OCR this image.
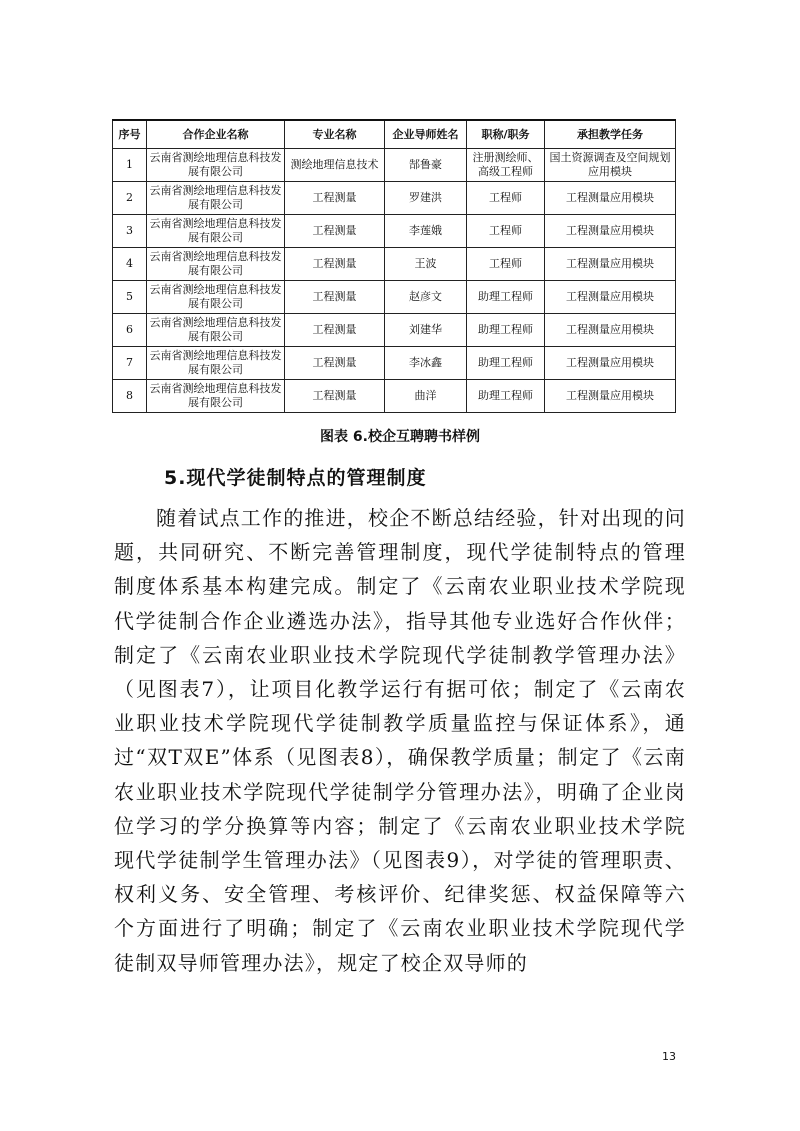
序号	合作企业名称	专业名称	企业导师姓名	职称/职务	承担教学任务
1	云南省测绘地理信息科技发展有限公司	测绘地理信息技术	郜鲁豪	注册测绘师、高级工程师	国土资源调查及空间规划应用模块
2	云南省测绘地理信息科技发展有限公司	工程测量	罗建洪	工程师	工程测量应用模块
3	云南省测绘地理信息科技发展有限公司	工程测量	李莲娥	工程师	工程测量应用模块
4	云南省测绘地理信息科技发展有限公司	工程测量	王波	工程师	工程测量应用模块
5	云南省测绘地理信息科技发展有限公司	工程测量	赵彦文	助理工程师	工程测量应用模块
6	云南省测绘地理信息科技发展有限公司	工程测量	刘建华	助理工程师	工程测量应用模块
7	云南省测绘地理信息科技发展有限公司	工程测量	李冰鑫	助理工程师	工程测量应用模块
8	云南省测绘地理信息科技发展有限公司	工程测量	曲洋	助理工程师	工程测量应用模块
图表 6.校企互聘聘书样例
5.现代学徒制特点的管理制度

随着试点工作的推进，校企不断总结经验，针对出现的问题，共同研究、不断完善管理制度，现代学徒制特点的管理制度体系基本构建完成。制定了《云南农业职业技术学院现代学徒制合作企业遴选办法》，指导其他专业选好合作伙伴；制定了《云南农业职业技术学院现代学徒制教学管理办法》（见图表7），让项目化教学运行有据可依；制定了《云南农业职业技术学院现代学徒制教学质量监控与保证体系》，通过“双T双E”体系（见图表8），确保教学质量；制定了《云南农业职业技术学院现代学徒制学分管理办法》，明确了企业岗位学习的学分换算等内容；制定了《云南农业职业技术学院现代学徒制学生管理办法》（见图表9），对学徒的管理职责、权利义务、安全管理、考核评价、纪律奖惩、权益保障等六个方面进行了明确；制定了《云南农业职业技术学院现代学徒制双导师管理办法》，规定了校企双导师的

13
